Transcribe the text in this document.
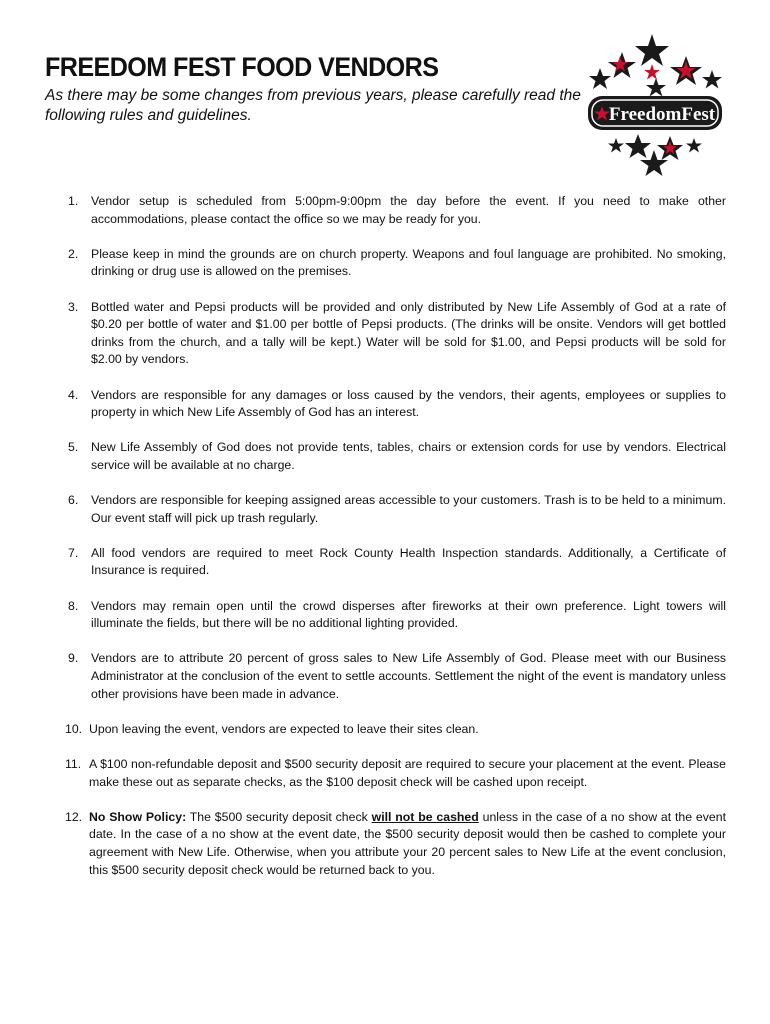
FREEDOM FEST FOOD VENDORS

As there may be some changes from previous years, please carefully read the following rules and guidelines.	FreedomFest
1. Vendor setup is scheduled from 5:00pm-9:00pm the day before the event. If you need to make other accommodations, please contact the office so we may be ready for you.
2. Please keep in mind the grounds are on church property. Weapons and foul language are prohibited. No smoking, drinking or drug use is allowed on the premises.
3. Bottled water and Pepsi products will be provided and only distributed by New Life Assembly of God at a rate of $0.20 per bottle of water and $1.00 per bottle of Pepsi products. (The drinks will be onsite. Vendors will get bottled drinks from the church, and a tally will be kept.) Water will be sold for $1.00, and Pepsi products will be sold for $2.00 by vendors.
4. Vendors are responsible for any damages or loss caused by the vendors, their agents, employees or supplies to property in which New Life Assembly of God has an interest.
5. New Life Assembly of God does not provide tents, tables, chairs or extension cords for use by vendors. Electrical service will be available at no charge.
6. Vendors are responsible for keeping assigned areas accessible to your customers. Trash is to be held to a minimum. Our event staff will pick up trash regularly.
7. All food vendors are required to meet Rock County Health Inspection standards. Additionally, a Certificate of Insurance is required.
8. Vendors may remain open until the crowd disperses after fireworks at their own preference. Light towers will illuminate the fields, but there will be no additional lighting provided.
9. Vendors are to attribute 20 percent of gross sales to New Life Assembly of God. Please meet with our Business Administrator at the conclusion of the event to settle accounts. Settlement the night of the event is mandatory unless other provisions have been made in advance.
10. Upon leaving the event, vendors are expected to leave their sites clean.
11. A $100 non-refundable deposit and $500 security deposit are required to secure your placement at the event. Please make these out as separate checks, as the $100 deposit check will be cashed upon receipt.
12. No Show Policy: The $500 security deposit check will not be cashed unless in the case of a no show at the event date. In the case of a no show at the event date, the $500 security deposit would then be cashed to complete your agreement with New Life. Otherwise, when you attribute your 20 percent sales to New Life at the event conclusion, this $500 security deposit check would be returned back to you.
